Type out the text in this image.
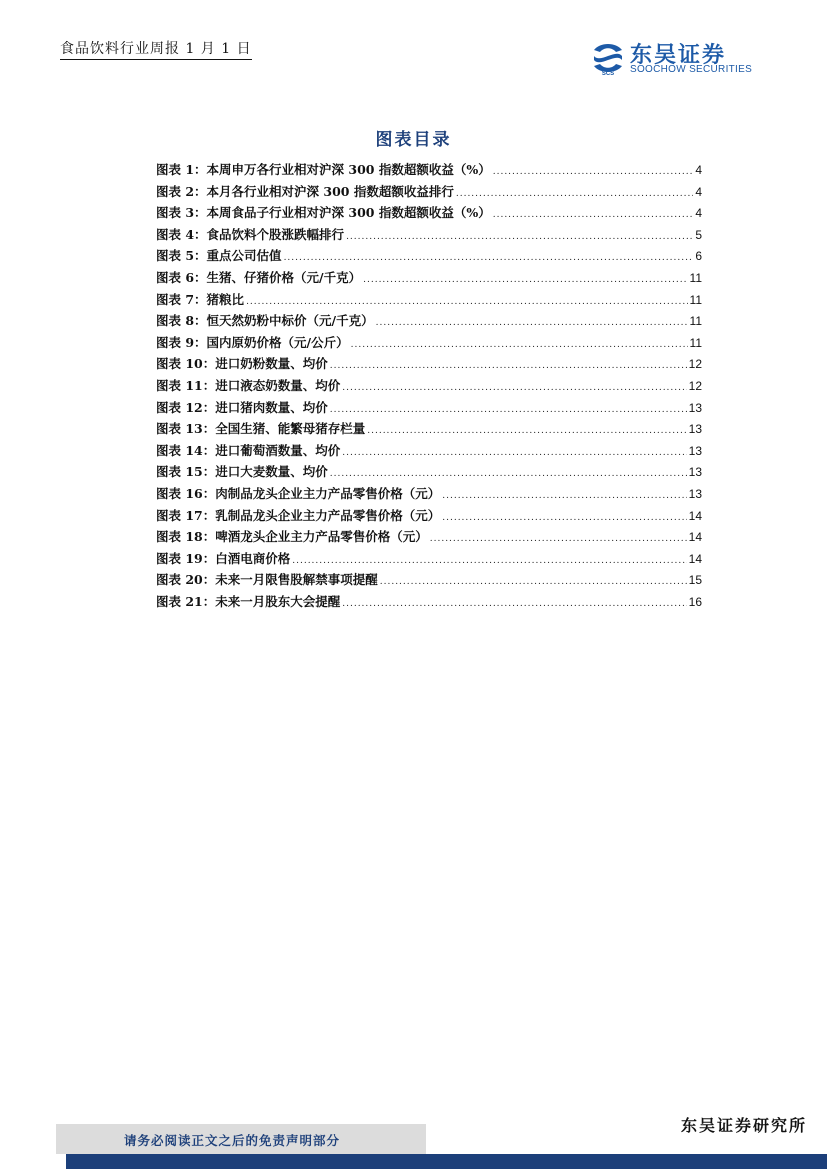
食品饮料行业周报 1 月 1 日
SCS
东吴证券
SOOCHOW SECURITIES
图表目录
图表 1：本周申万各行业相对沪深 300 指数超额收益（%） .....	4
图表 2：本月各行业相对沪深 300 指数超额收益排行 .....	4
图表 3：本周食品子行业相对沪深 300 指数超额收益（%） .....	4
图表 4：食品饮料个股涨跌幅排行 .....	5
图表 5：重点公司估值 .....	6
图表 6：生猪、仔猪价格（元/千克） .....	11
图表 7：猪粮比 .....	11
图表 8：恒天然奶粉中标价（元/千克） .....	11
图表 9：国内原奶价格（元/公斤） .....	11
图表 10：进口奶粉数量、均价 .....	12
图表 11：进口液态奶数量、均价 .....	12
图表 12：进口猪肉数量、均价 .....	13
图表 13：全国生猪、能繁母猪存栏量 .....	13
图表 14：进口葡萄酒数量、均价 .....	13
图表 15：进口大麦数量、均价 .....	13
图表 16：肉制品龙头企业主力产品零售价格（元） .....	13
图表 17：乳制品龙头企业主力产品零售价格（元） .....	14
图表 18：啤酒龙头企业主力产品零售价格（元） .....	14
图表 19：白酒电商价格 .....	14
图表 20：未来一月限售股解禁事项提醒 .....	15
图表 21：未来一月股东大会提醒 .....	16
东吴证券研究所
请务必阅读正文之后的免责声明部分
